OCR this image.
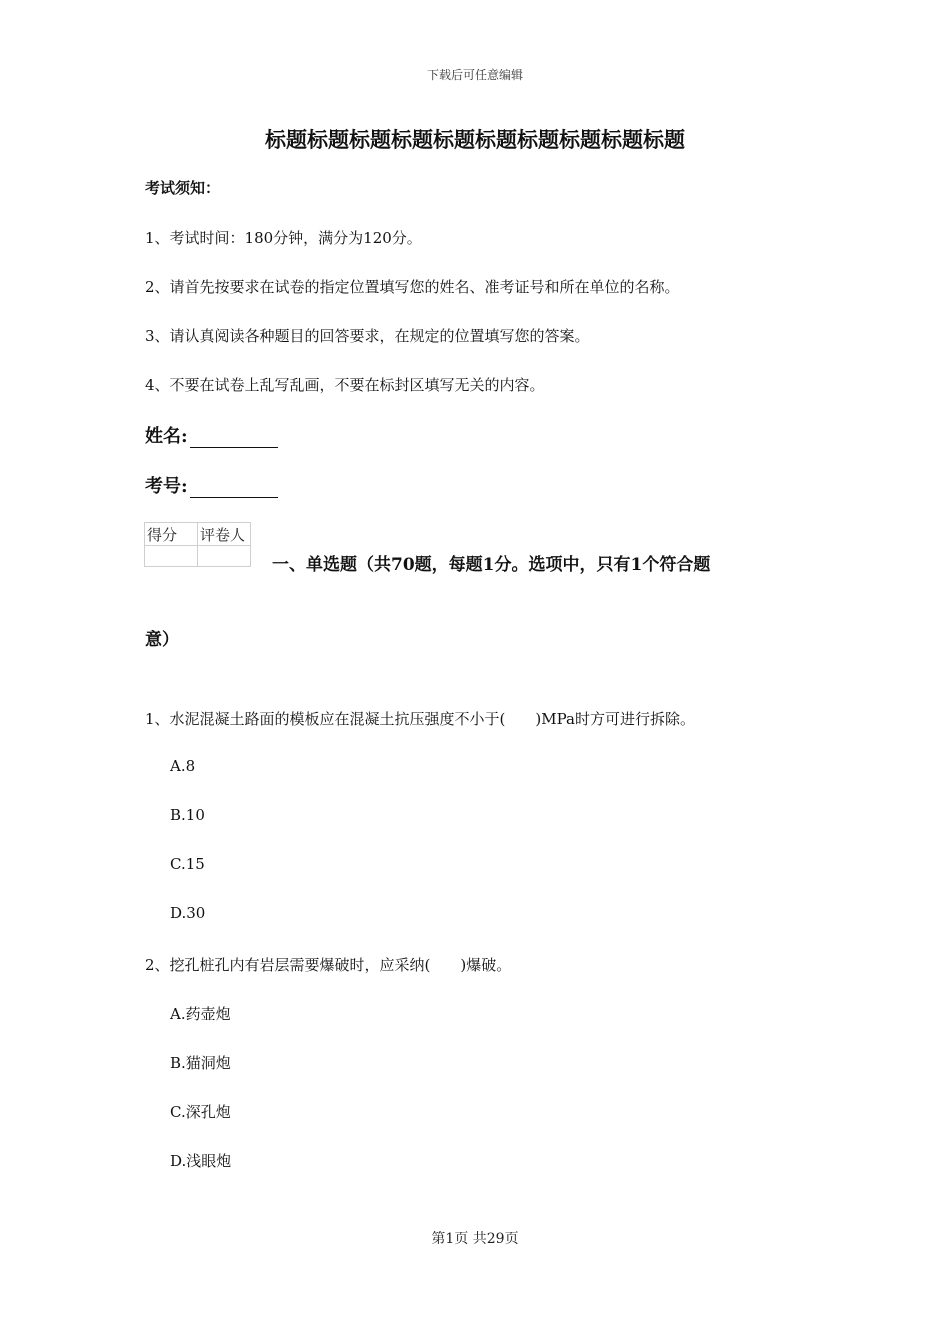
下载后可任意编辑
标题标题标题标题标题标题标题标题标题标题
考试须知：
1、考试时间：180分钟，满分为120分。
2、请首先按要求在试卷的指定位置填写您的姓名、准考证号和所在单位的名称。
3、请认真阅读各种题目的回答要求，在规定的位置填写您的答案。
4、不要在试卷上乱写乱画，不要在标封区填写无关的内容。
姓名:
考号:
得分	评卷人

一、单选题（共70题，每题1分。选项中，只有1个符合题
意）
1、水泥混凝土路面的模板应在混凝土抗压强度不小于(　　)MPa时方可进行拆除。
A.8
B.10
C.15
D.30
2、挖孔桩孔内有岩层需要爆破时，应采纳(　　)爆破。
A.药壶炮
B.猫洞炮
C.深孔炮
D.浅眼炮
第1页 共29页
